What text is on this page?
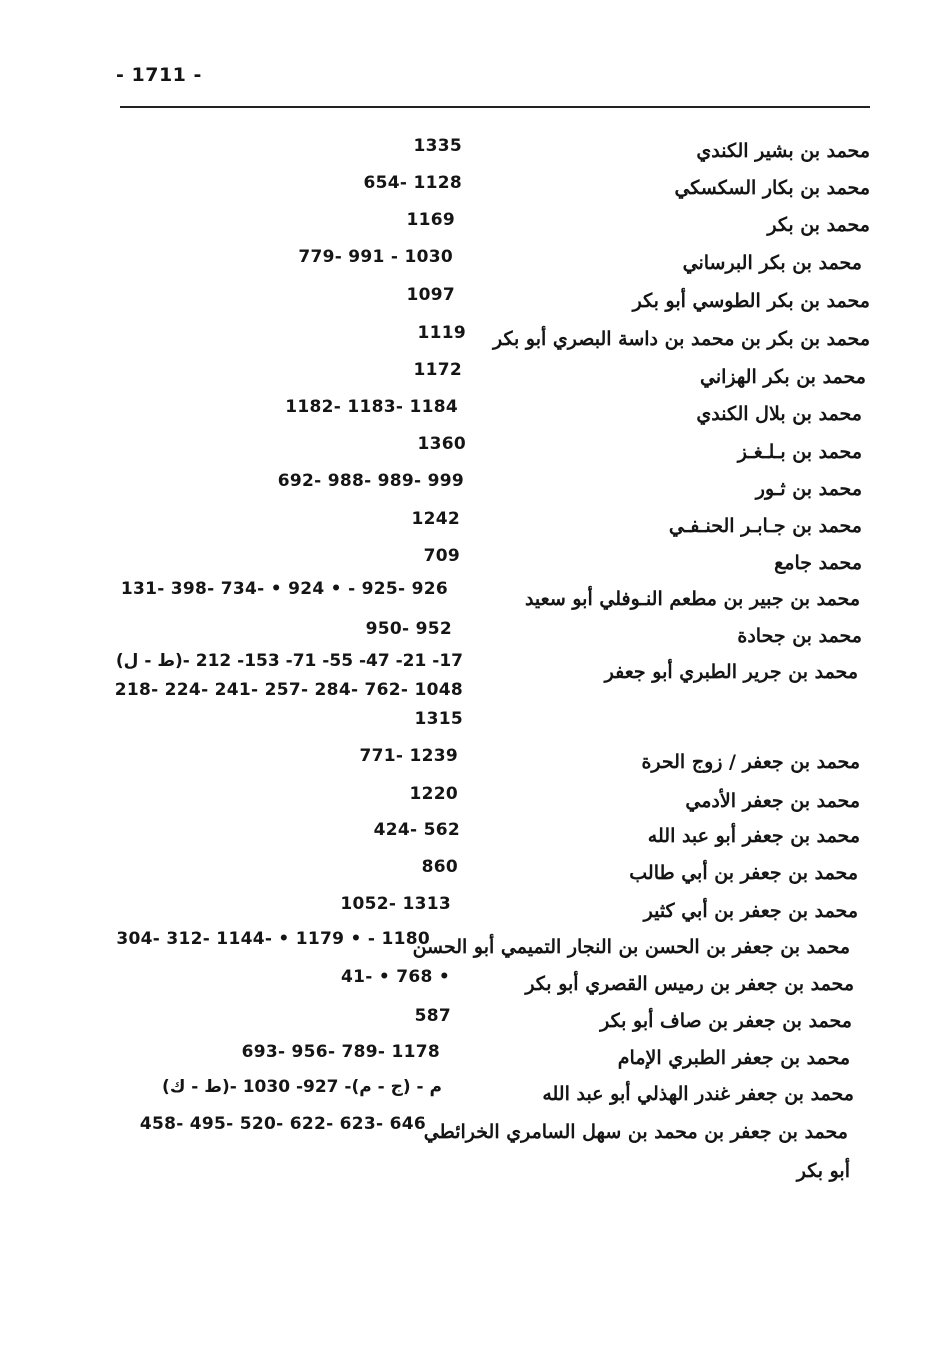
- 1711 -
محمد بن بشير الكندي
1335
محمد بن بكار السكسكي
654- 1128
محمد بن بكر
1169
محمد بن بكر البرساني
779- 991 - 1030
محمد بن بكر الطوسي أبو بكر
1097
محمد بن بكر بن محمد بن داسة البصري أبو بكر
1119
محمد بن بكر الهزاني
1172
محمد بن بلال الكندي
1182- 1183- 1184
محمد بن بـلـغـز
1360
محمد بن ثـور
692- 988- 989- 999
محمد بن جـابـر الحنـفـي
1242
محمد جامع
709
محمد بن جبير بن مطعم النـوفلي أبو سعيد
131- 398- 734- • 924 • - 925- 926
محمد بن جحادة
950- 952
محمد بن جرير الطبري أبو جعفر
(ط - ل)- 17- 21- 47- 55- 71- 153- 212
218- 224- 241- 257- 284- 762- 1048
1315
محمد بن جعفر / زوج الحرة
771- 1239
محمد بن جعفر الأدمي
1220
محمد بن جعفر أبو عبد الله
424- 562
محمد بن جعفر بن أبي طالب
860
محمد بن جعفر بن أبي كثير
1052- 1313
محمد بن جعفر بن الحسن بن النجار التميمي أبو الحسن
304- 312- 1144- • 1179 • - 1180
محمد بن جعفر بن رميس القصري أبو بكر
41- • 768 •
محمد بن جعفر بن صاف أبو بكر
587
محمد بن جعفر الطبري الإمام
693- 956- 789- 1178
محمد بن جعفر غندر الهذلي أبو عبد الله
(ط - ك)- م - (ج - م)- 927- 1030
محمد بن جعفر بن محمد بن سهل السامري الخرائطي
458- 495- 520- 622- 623- 646
أبو بكر
